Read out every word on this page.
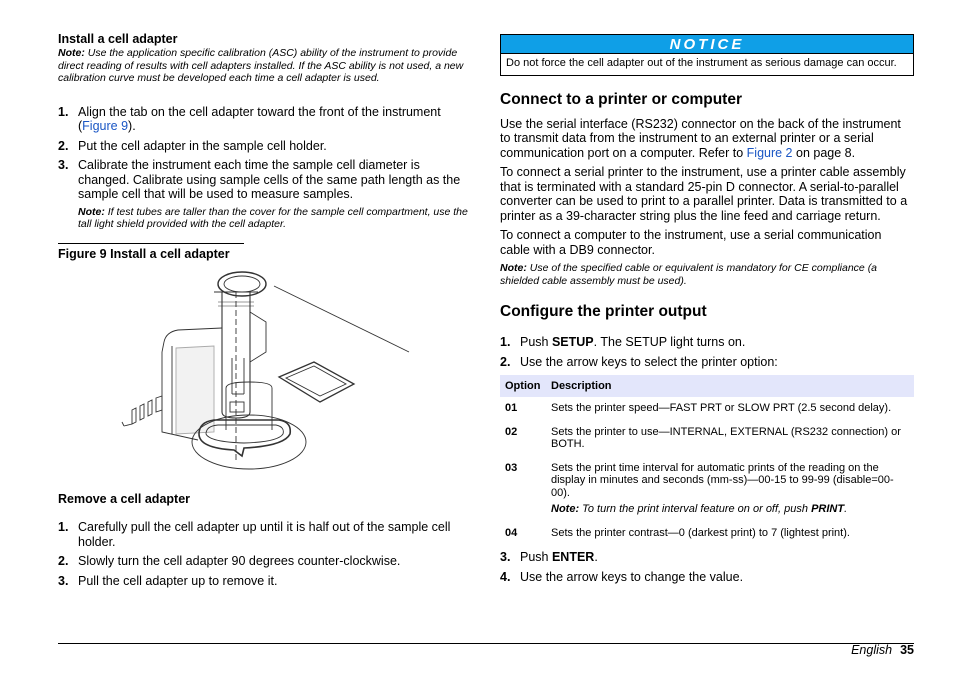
Install a cell adapter
Note: Use the application specific calibration (ASC) ability of the instrument to provide direct reading of results with cell adapters installed. If the ASC ability is not used, a new calibration curve must be developed each time a cell adapter is used.
1. Align the tab on the cell adapter toward the front of the instrument (Figure 9).
2. Put the cell adapter in the sample cell holder.
3. Calibrate the instrument each time the sample cell diameter is changed. Calibrate using sample cells of the same path length as the sample cell that will be used to measure samples.
Note: If test tubes are taller than the cover for the sample cell compartment, use the tall light shield provided with the cell adapter.
Figure 9 Install a cell adapter
Remove a cell adapter
1. Carefully pull the cell adapter up until it is half out of the sample cell holder.
2. Slowly turn the cell adapter 90 degrees counter-clockwise.
3. Pull the cell adapter up to remove it.
NOTICE
Do not force the cell adapter out of the instrument as serious damage can occur.
Connect to a printer or computer

Use the serial interface (RS232) connector on the back of the instrument to transmit data from the instrument to an external printer or a serial communication port on a computer. Refer to Figure 2 on page 8.

To connect a serial printer to the instrument, use a printer cable assembly that is terminated with a standard 25-pin D connector. A serial-to-parallel converter can be used to print to a parallel printer. Data is transmitted to a printer as a 39-character string plus the line feed and carriage return.

To connect a computer to the instrument, use a serial communication cable with a DB9 connector.

Note: Use of the specified cable or equivalent is mandatory for CE compliance (a shielded cable assembly must be used).
Configure the printer output
1. Push SETUP. The SETUP light turns on.
2. Use the arrow keys to select the printer option:
Option	Description
01	Sets the printer speed—FAST PRT or SLOW PRT (2.5 second delay).
02	Sets the printer to use—INTERNAL, EXTERNAL (RS232 connection) or BOTH.
03	Sets the print time interval for automatic prints of the reading on the display in minutes and seconds (mm-ss)—00-15 to 99-99 (disable=00-00).
Note: To turn the print interval feature on or off, push PRINT.

04	Sets the printer contrast—0 (darkest print) to 7 (lightest print).
3. Push ENTER.
4. Use the arrow keys to change the value.
English 35
